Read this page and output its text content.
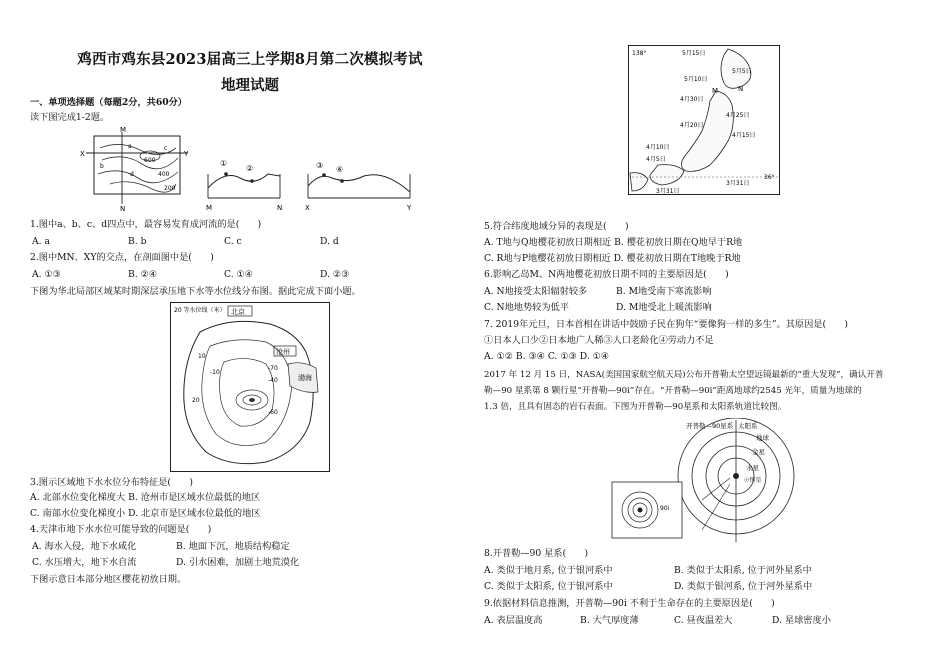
鸡西市鸡东县2023届高三上学期8月第二次模拟考试
地理试题
一、单项选择题（每题2分，共60分）
读下图完成1-2题。
M
N
X	Y
a
b
c
d
600
400
200
①
②
M	N
③ ④
X	Y
1.图中a、b、c、d四点中，最容易发育成河流的是(　　)
A. a	B. b	C. c	D. d
2.图中MN、XY的交点，在剖面图中是(　　)
A. ①③	B. ②④	C. ①④	D. ②③
下图为华北局部区域某时期深层承压地下水等水位线分布图。据此完成下面小题。
20 等水位线（米） 北京
渤海
沧州
-70
-40
-10
10
20
-60
3.图示区域地下水水位分布特征是(　　)
A. 北部水位变化梯度大 B. 沧州市是区域水位最低的地区
C. 南部水位变化梯度小 D. 北京市是区域水位最低的地区
4.天津市地下水水位可能导致的问题是(　　)
A. 海水入侵，地下水咸化	B. 地面下沉，地质结构稳定
C. 水压增大，地下水自流	D. 引水困难，加剧土地荒漠化
下图示意日本部分地区樱花初放日期。
138°
36°
5月15日
5月10日
5月5日
4月30日
4月25日
4月20日
4月15日
4月10日
4月5日
3月31日
3月31日
M	N
5.符合纬度地域分异的表现是(　　)
A. T地与Q地樱花初放日期相近 B. 樱花初放日期在Q地早于R地
C. R地与P地樱花初放日期相近 D. 樱花初放日期在T地晚于R地
6.影响乙岛M、N两地樱花初放日期不同的主要原因是(　　)
A. N地接受太阳辐射较多	B. M地受南下寒流影响
C. N地地势较为低平	D. M地受北上暖流影响
7. 2019年元旦，日本首相在讲话中鼓励子民在狗年“要像狗一样的多生”。其原因是(　　)
①日本人口少②日本地广人稀③人口老龄化④劳动力不足
A. ①② B. ③④ C. ①③ D. ①④
2017 年 12 月 15 日，NASA(美国国家航空航天局)公布开普勒太空望远镜最新的“重大发现”，确认开普
勒—90 星系第 8 颗行星“开普勒—90i”存在。“开普勒—90i”距离地球约2545 光年，质量为地球的
1.3 倍，且具有固态的岩石表面。下图为开普勒—90星系和太阳系轨道比较图。
开普勒—90星系 太阳系
地球
金星
水星
☉恒星
90i
8.开普勒—90 星系(　　)
A. 类似于地月系, 位于银河系中	B. 类似于太阳系, 位于河外星系中
C. 类似于太阳系, 位于银河系中	D. 类似于银河系, 位于河外星系中
9.依据材料信息推测，开普勒—90i 不利于生命存在的主要原因是(　　)
A. 表层温度高	B. 大气厚度薄	C. 昼夜温差大	D. 星球密度小
